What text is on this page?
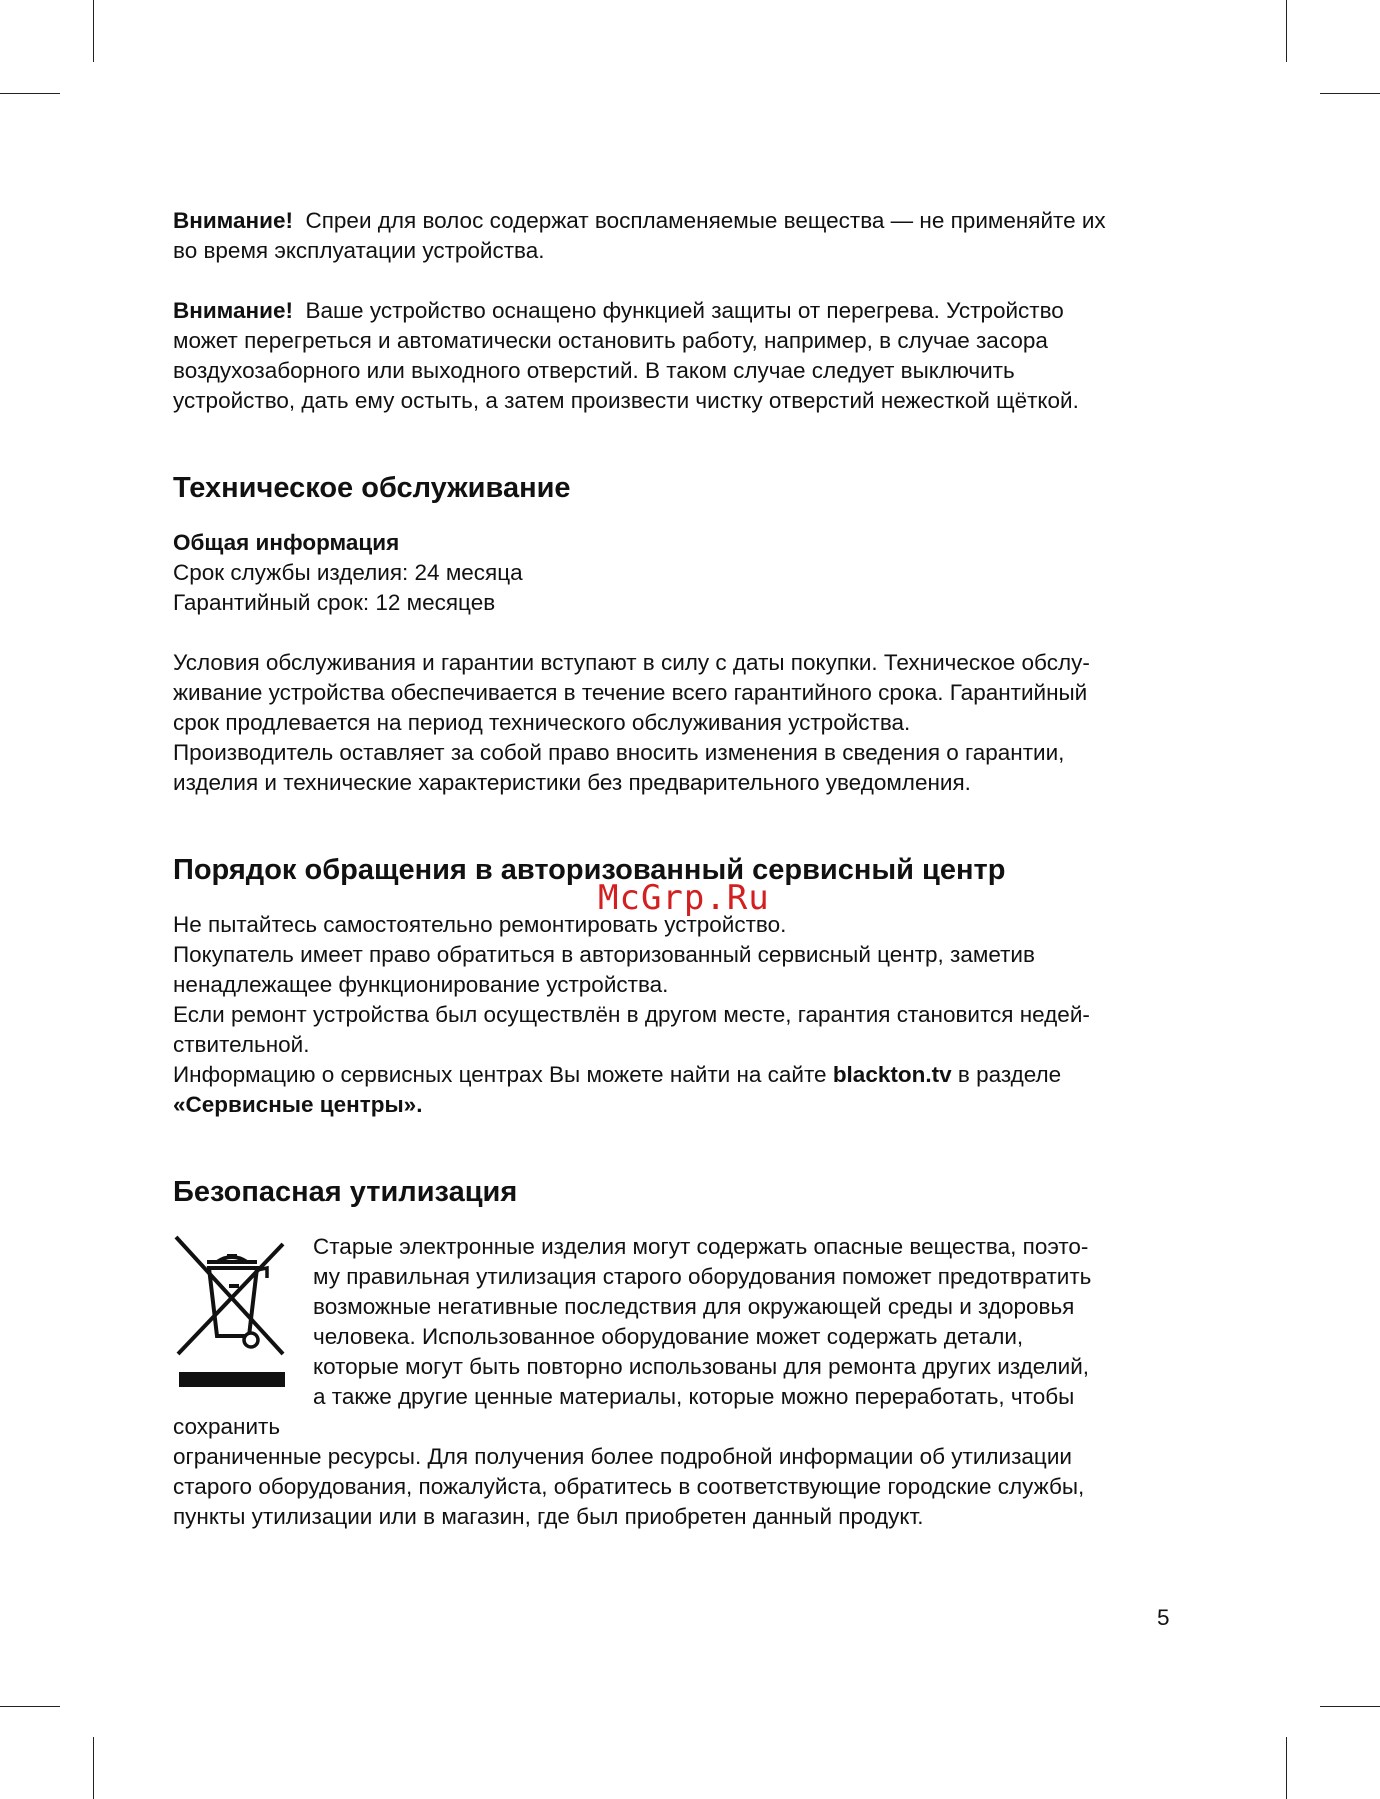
Внимание! Спреи для волос содержат воспламеняемые вещества — не применяйте их
во время эксплуатации устройства.

Внимание! Ваше устройство оснащено функцией защиты от перегрева. Устройство
может перегреться и автоматически остановить работу, например, в случае засора
воздухозаборного или выходного отверстий. В таком случае следует выключить
устройство, дать ему остыть, а затем произвести чистку отверстий нежесткой щёткой.

Техническое обслуживание

Общая информация
Срок службы изделия: 24 месяца
Гарантийный срок: 12 месяцев

Условия обслуживания и гарантии вступают в силу с даты покупки. Техническое обслу-
живание устройства обеспечивается в течение всего гарантийного срока. Гарантийный
срок продлевается на период технического обслуживания устройства.
Производитель оставляет за собой право вносить изменения в сведения о гарантии,
изделия и технические характеристики без предварительного уведомления.

Порядок обращения в авторизованный сервисный центр

Не пытайтесь самостоятельно ремонтировать устройство.
Покупатель имеет право обратиться в авторизованный сервисный центр, заметив
ненадлежащее функционирование устройства.
Если ремонт устройства был осуществлён в другом месте, гарантия становится недей-
ствительной.
Информацию о сервисных центрах Вы можете найти на сайте blackton.tv в разделе
«Сервисные центры».

Безопасная утилизация

Старые электронные изделия могут содержать опасные вещества, поэто-
му правильная утилизация старого оборудования поможет предотвратить
возможные негативные последствия для окружающей среды и здоровья
человека. Использованное оборудование может содержать детали,
которые могут быть повторно использованы для ремонта других изделий,
а также другие ценные материалы, которые можно переработать, чтобы сохранить
ограниченные ресурсы. Для получения более подробной информации об утилизации
старого оборудования, пожалуйста, обратитесь в соответствующие городские службы,
пункты утилизации или в магазин, где был приобретен данный продукт.

McGrp.Ru
5
